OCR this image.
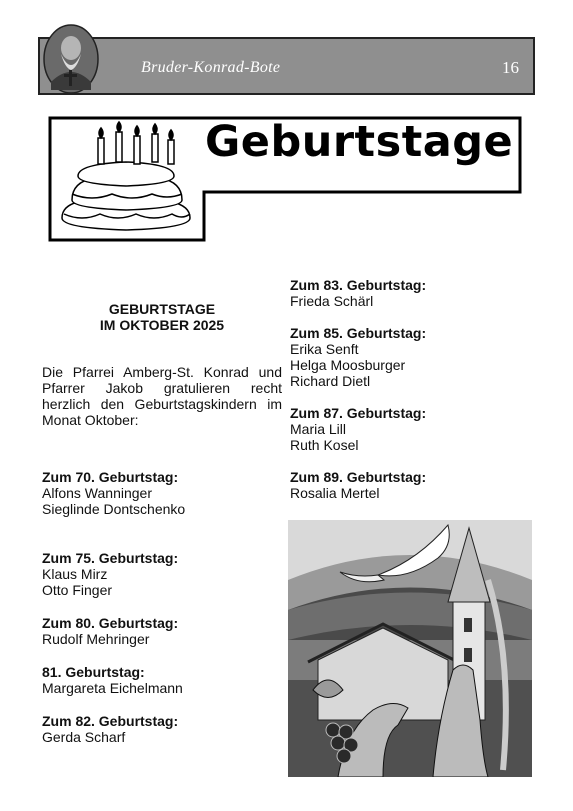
Bruder-Konrad-Bote	16
Geburtstage
GEBURTSTAGE
IM OKTOBER 2025
Die Pfarrei Amberg-St. Konrad und
Pfarrer Jakob gratulieren recht
herzlich den Geburtstagskindern im
Monat Oktober:
Zum 70. Geburtstag:
Alfons Wanninger
Sieglinde Dontschenko
Zum 75. Geburtstag:
Klaus Mirz
Otto Finger
Zum 80. Geburtstag:
Rudolf Mehringer
81. Geburtstag:
Margareta Eichelmann
Zum 82. Geburtstag:
Gerda Scharf
Zum 83. Geburtstag:
Frieda Schärl
Zum 85. Geburtstag:
Erika Senft
Helga Moosburger
Richard Dietl
Zum 87. Geburtstag:
Maria Lill
Ruth Kosel
Zum 89. Geburtstag:
Rosalia Mertel
